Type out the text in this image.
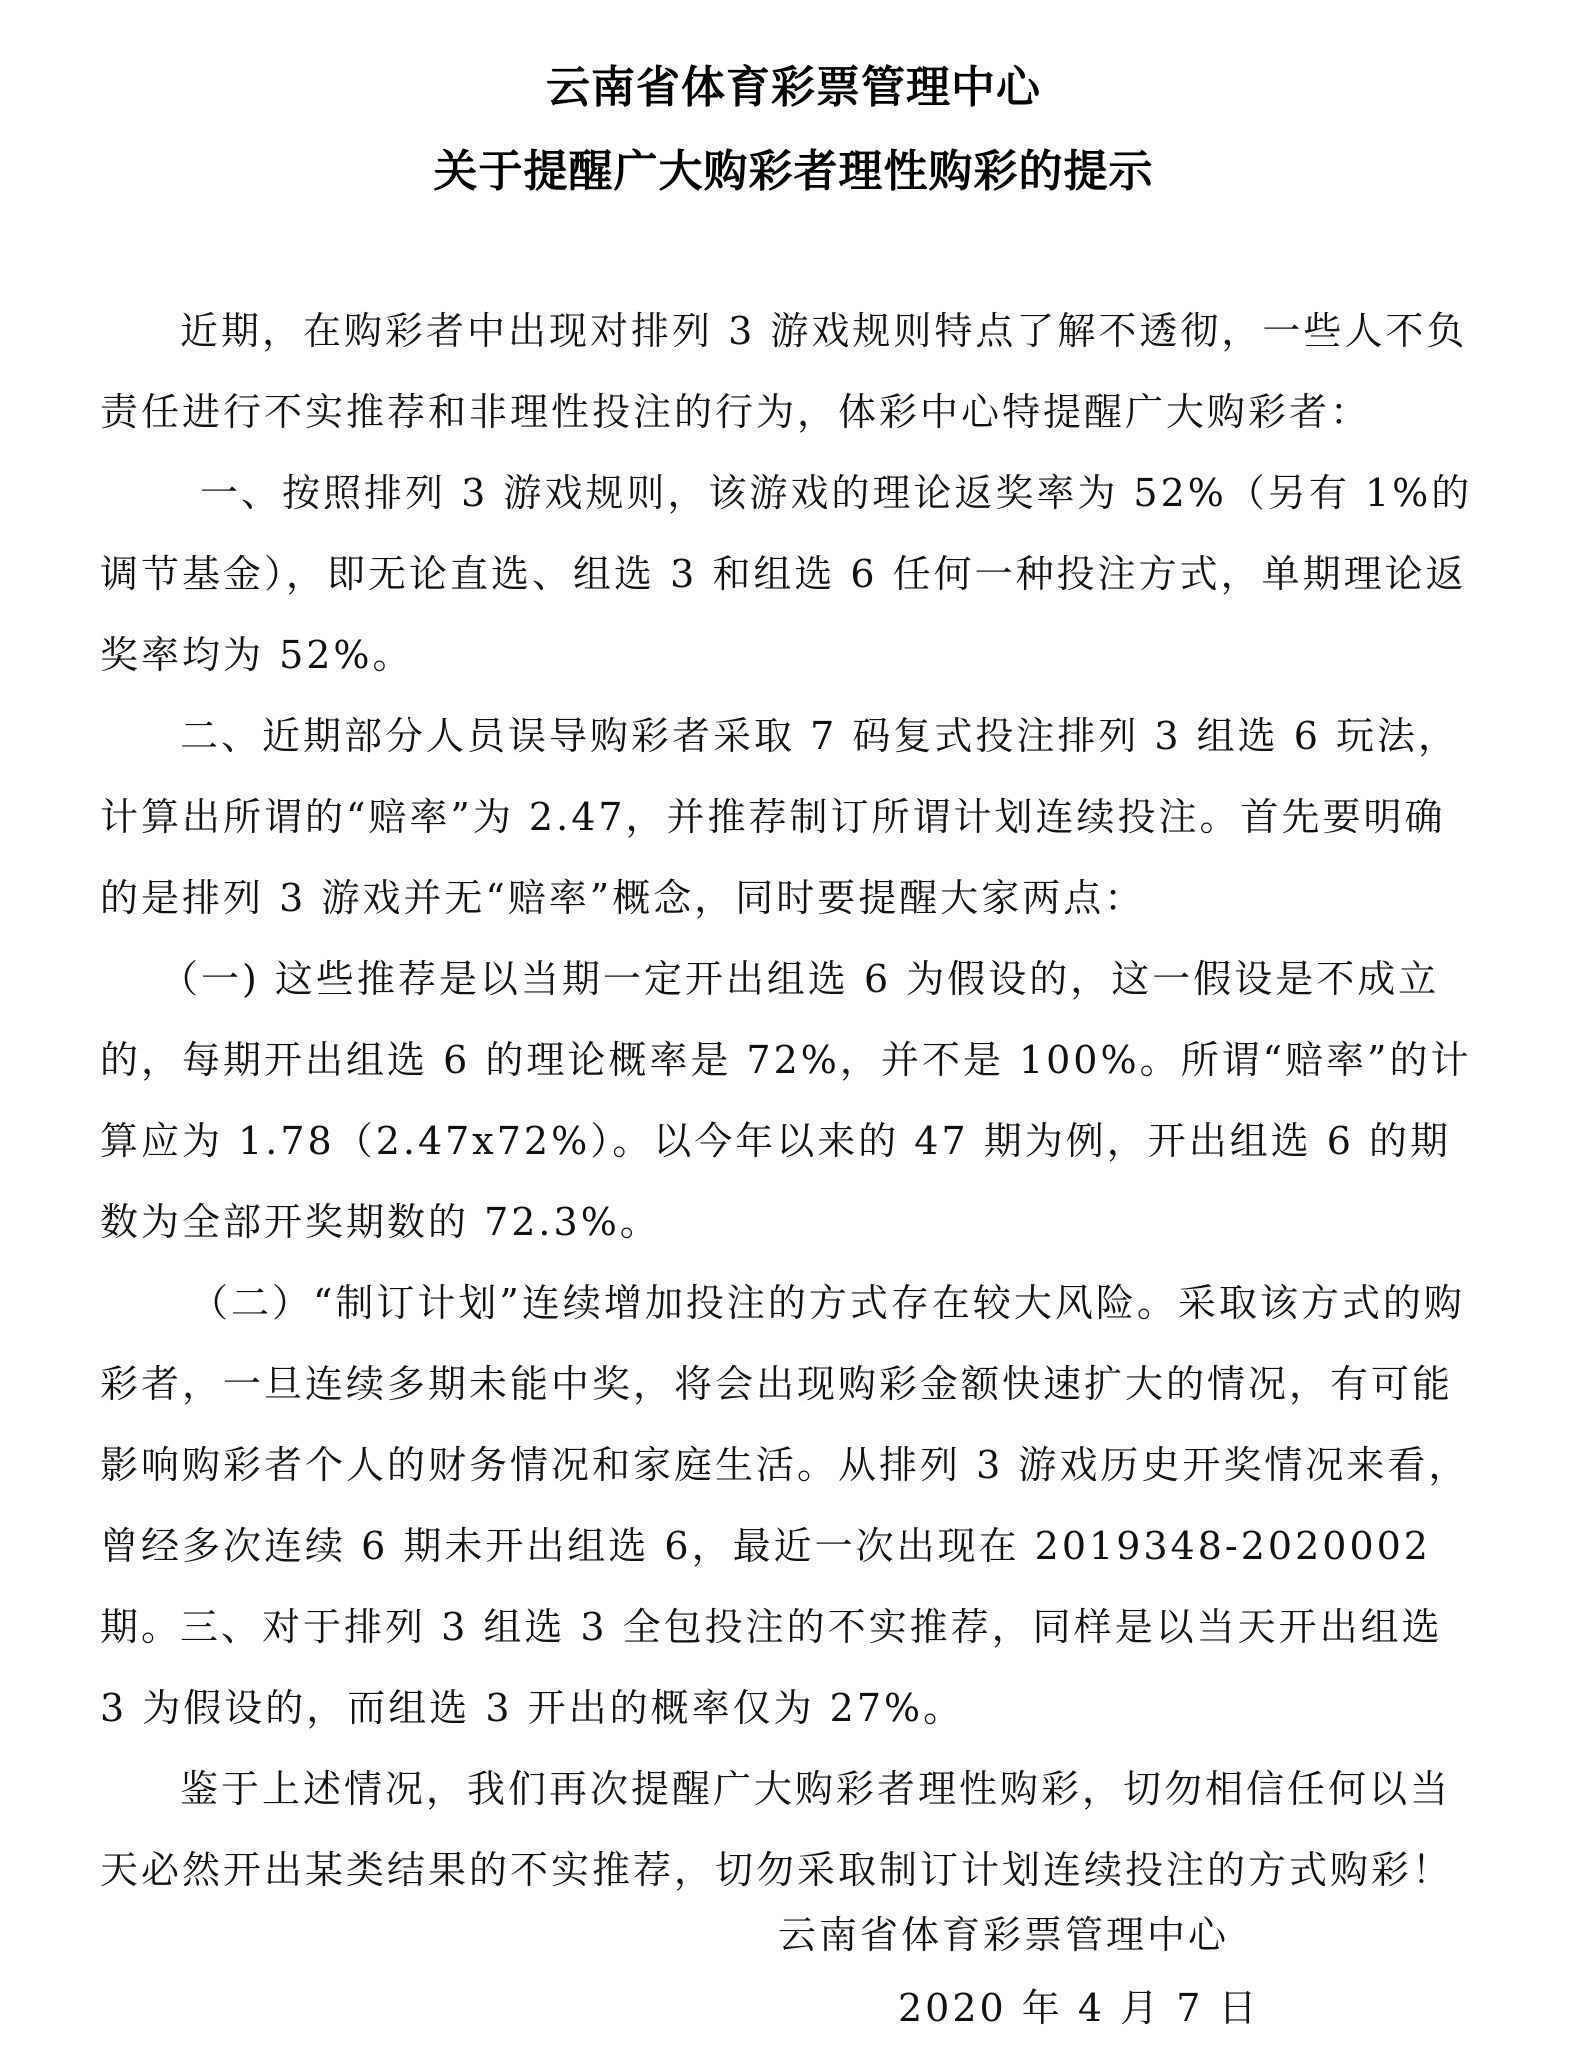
云南省体育彩票管理中心
关于提醒广大购彩者理性购彩的提示

近期，在购彩者中出现对排列 3 游戏规则特点了解不透彻，一些人不负责任进行不实推荐和非理性投注的行为，体彩中心特提醒广大购彩者：

一、按照排列 3 游戏规则，该游戏的理论返奖率为 52%（另有 1%的调节基金），即无论直选、组选 3 和组选 6 任何一种投注方式，单期理论返奖率均为 52%。

二、近期部分人员误导购彩者采取 7 码复式投注排列 3 组选 6 玩法，计算出所谓的“赔率”为 2.47，并推荐制订所谓计划连续投注。首先要明确的是排列 3 游戏并无“赔率”概念，同时要提醒大家两点：

（一) 这些推荐是以当期一定开出组选 6 为假设的，这一假设是不成立的，每期开出组选 6 的理论概率是 72%，并不是 100%。所谓“赔率”的计算应为 1.78（2.47x72%）。以今年以来的 47 期为例，开出组选 6 的期数为全部开奖期数的 72.3%。

（二）“制订计划”连续增加投注的方式存在较大风险。采取该方式的购彩者，一旦连续多期未能中奖，将会出现购彩金额快速扩大的情况，有可能影响购彩者个人的财务情况和家庭生活。从排列 3 游戏历史开奖情况来看，曾经多次连续 6 期未开出组选 6，最近一次出现在 2019348-2020002 期。

三、对于排列 3 组选 3 全包投注的不实推荐，同样是以当天开出组选 3 为假设的，而组选 3 开出的概率仅为 27%。

鉴于上述情况，我们再次提醒广大购彩者理性购彩，切勿相信任何以当天必然开出某类结果的不实推荐，切勿采取制订计划连续投注的方式购彩！

云南省体育彩票管理中心
2020 年 4 月 7 日
